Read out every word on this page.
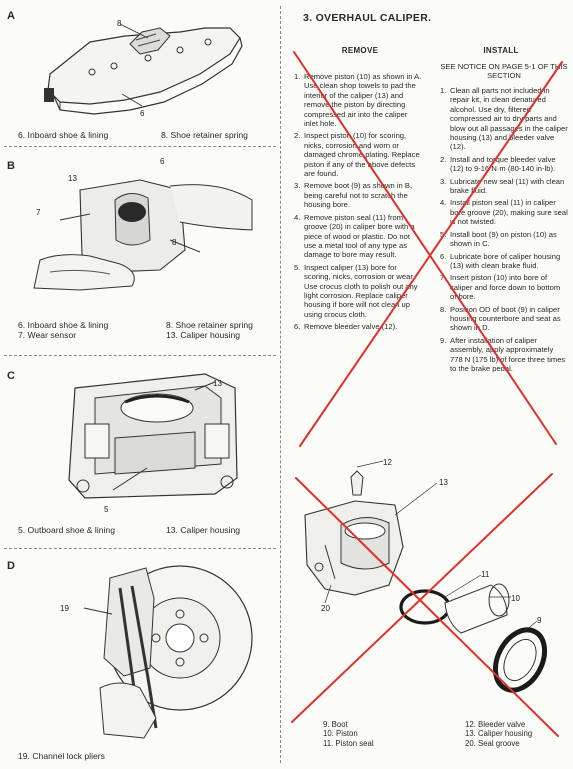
A
8
6
6. Inboard shoe & lining	8. Shoe retainer spring
B	6
13
7
8
6. Inboard shoe & lining
7. Wear sensor
8. Shoe retainer spring
13. Caliper housing
C
13
5
5. Outboard shoe & lining	13. Caliper housing
D
19
19. Channel lock pliers
3. OVERHAUL CALIPER.
REMOVE	INSTALL
SEE NOTICE ON PAGE 5-1 OF THIS SECTION
1. Remove piston (10) as shown in A. Use clean shop towels to pad the interior of the caliper (13) and remove the piston by directing compressed air into the caliper inlet hole.
2. Inspect piston (10) for scoring, nicks, corrosion and worn or damaged chrome plating. Replace piston if any of the above defects are found.
3. Remove boot (9) as shown in B, being careful not to scratch the housing bore.
4. Remove piston seal (11) from groove (20) in caliper bore with a piece of wood or plastic. Do not use a metal tool of any type as damage to bore may result.
5. Inspect caliper (13) bore for scoring, nicks, corrosion or wear. Use crocus cloth to polish out any light corrosion. Replace caliper housing if bore will not clean up using crocus cloth.
6. Remove bleeder valve (12).
1. Clean all parts not included in repair kit, in clean denatured alcohol. Use dry, filtered compressed air to dry parts and blow out all passages in the caliper housing (13) and bleeder valve (12).
2. Install and torque bleeder valve (12) to 9-16 N·m (80-140 in-lb).
3. Lubricate new seal (11) with clean brake fluid.
4. Install piston seal (11) in caliper bore groove (20), making sure seal is not twisted.
5. Install boot (9) on piston (10) as shown in C.
6. Lubricate bore of caliper housing (13) with clean brake fluid.
7. Insert piston (10) into bore of caliper and force down to bottom of bore.
8. Position OD of boot (9) in caliper housing counterbore and seat as shown in D.
9. After installation of caliper assembly, apply approximately 778 N (175 lb) of force three times to the brake pedal.
12
13
11
10
9
20
9. Boot
10. Piston
11. Piston seal
12. Bleeder valve
13. Caliper housing
20. Seal groove
